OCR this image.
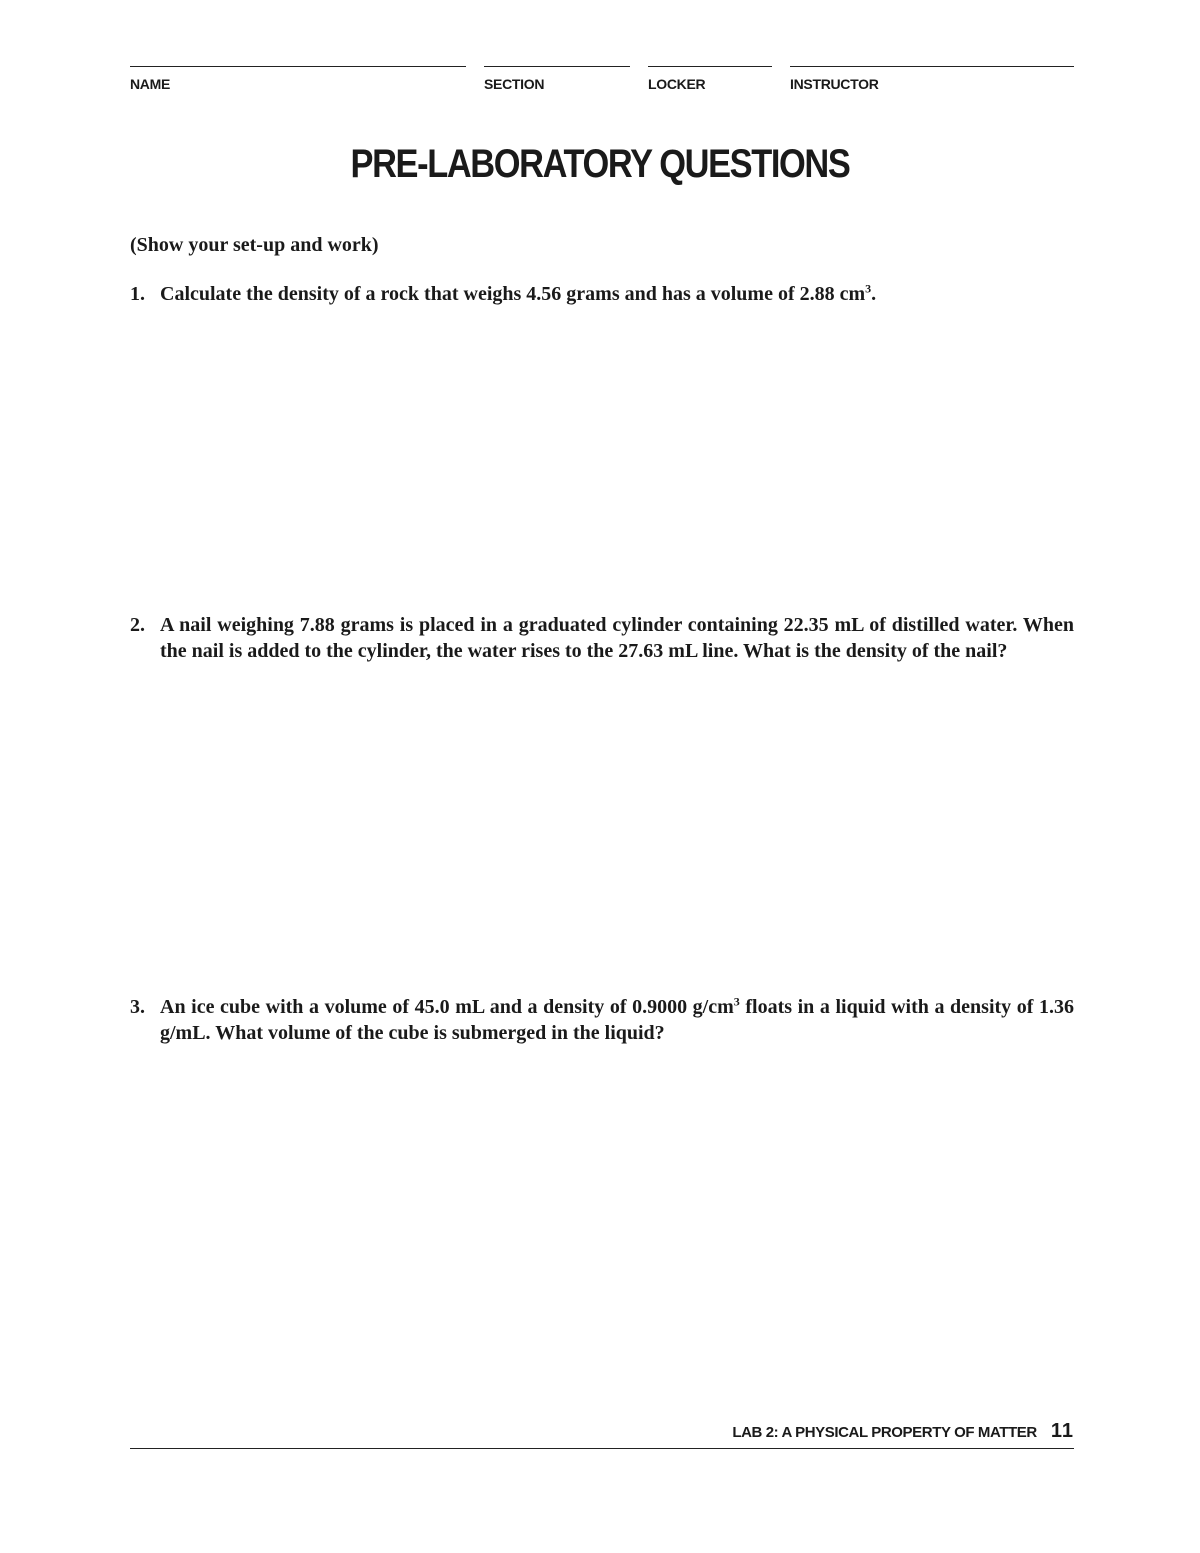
NAME	SECTION	LOCKER	INSTRUCTOR
PRE-LABORATORY QUESTIONS
(Show your set-up and work)
1. Calculate the density of a rock that weighs 4.56 grams and has a volume of 2.88 $cm^3$.
2. A nail weighing 7.88 grams is placed in a graduated cylinder containing 22.35 mL of distilled water. When the nail is added to the cylinder, the water rises to the 27.63 mL line. What is the density of the nail?
3. An ice cube with a volume of 45.0 mL and a density of 0.9000 $g/cm^3$ floats in a liquid with a density of 1.36 g/mL. What volume of the cube is submerged in the liquid?
LAB 2: A PHYSICAL PROPERTY OF MATTER 11
